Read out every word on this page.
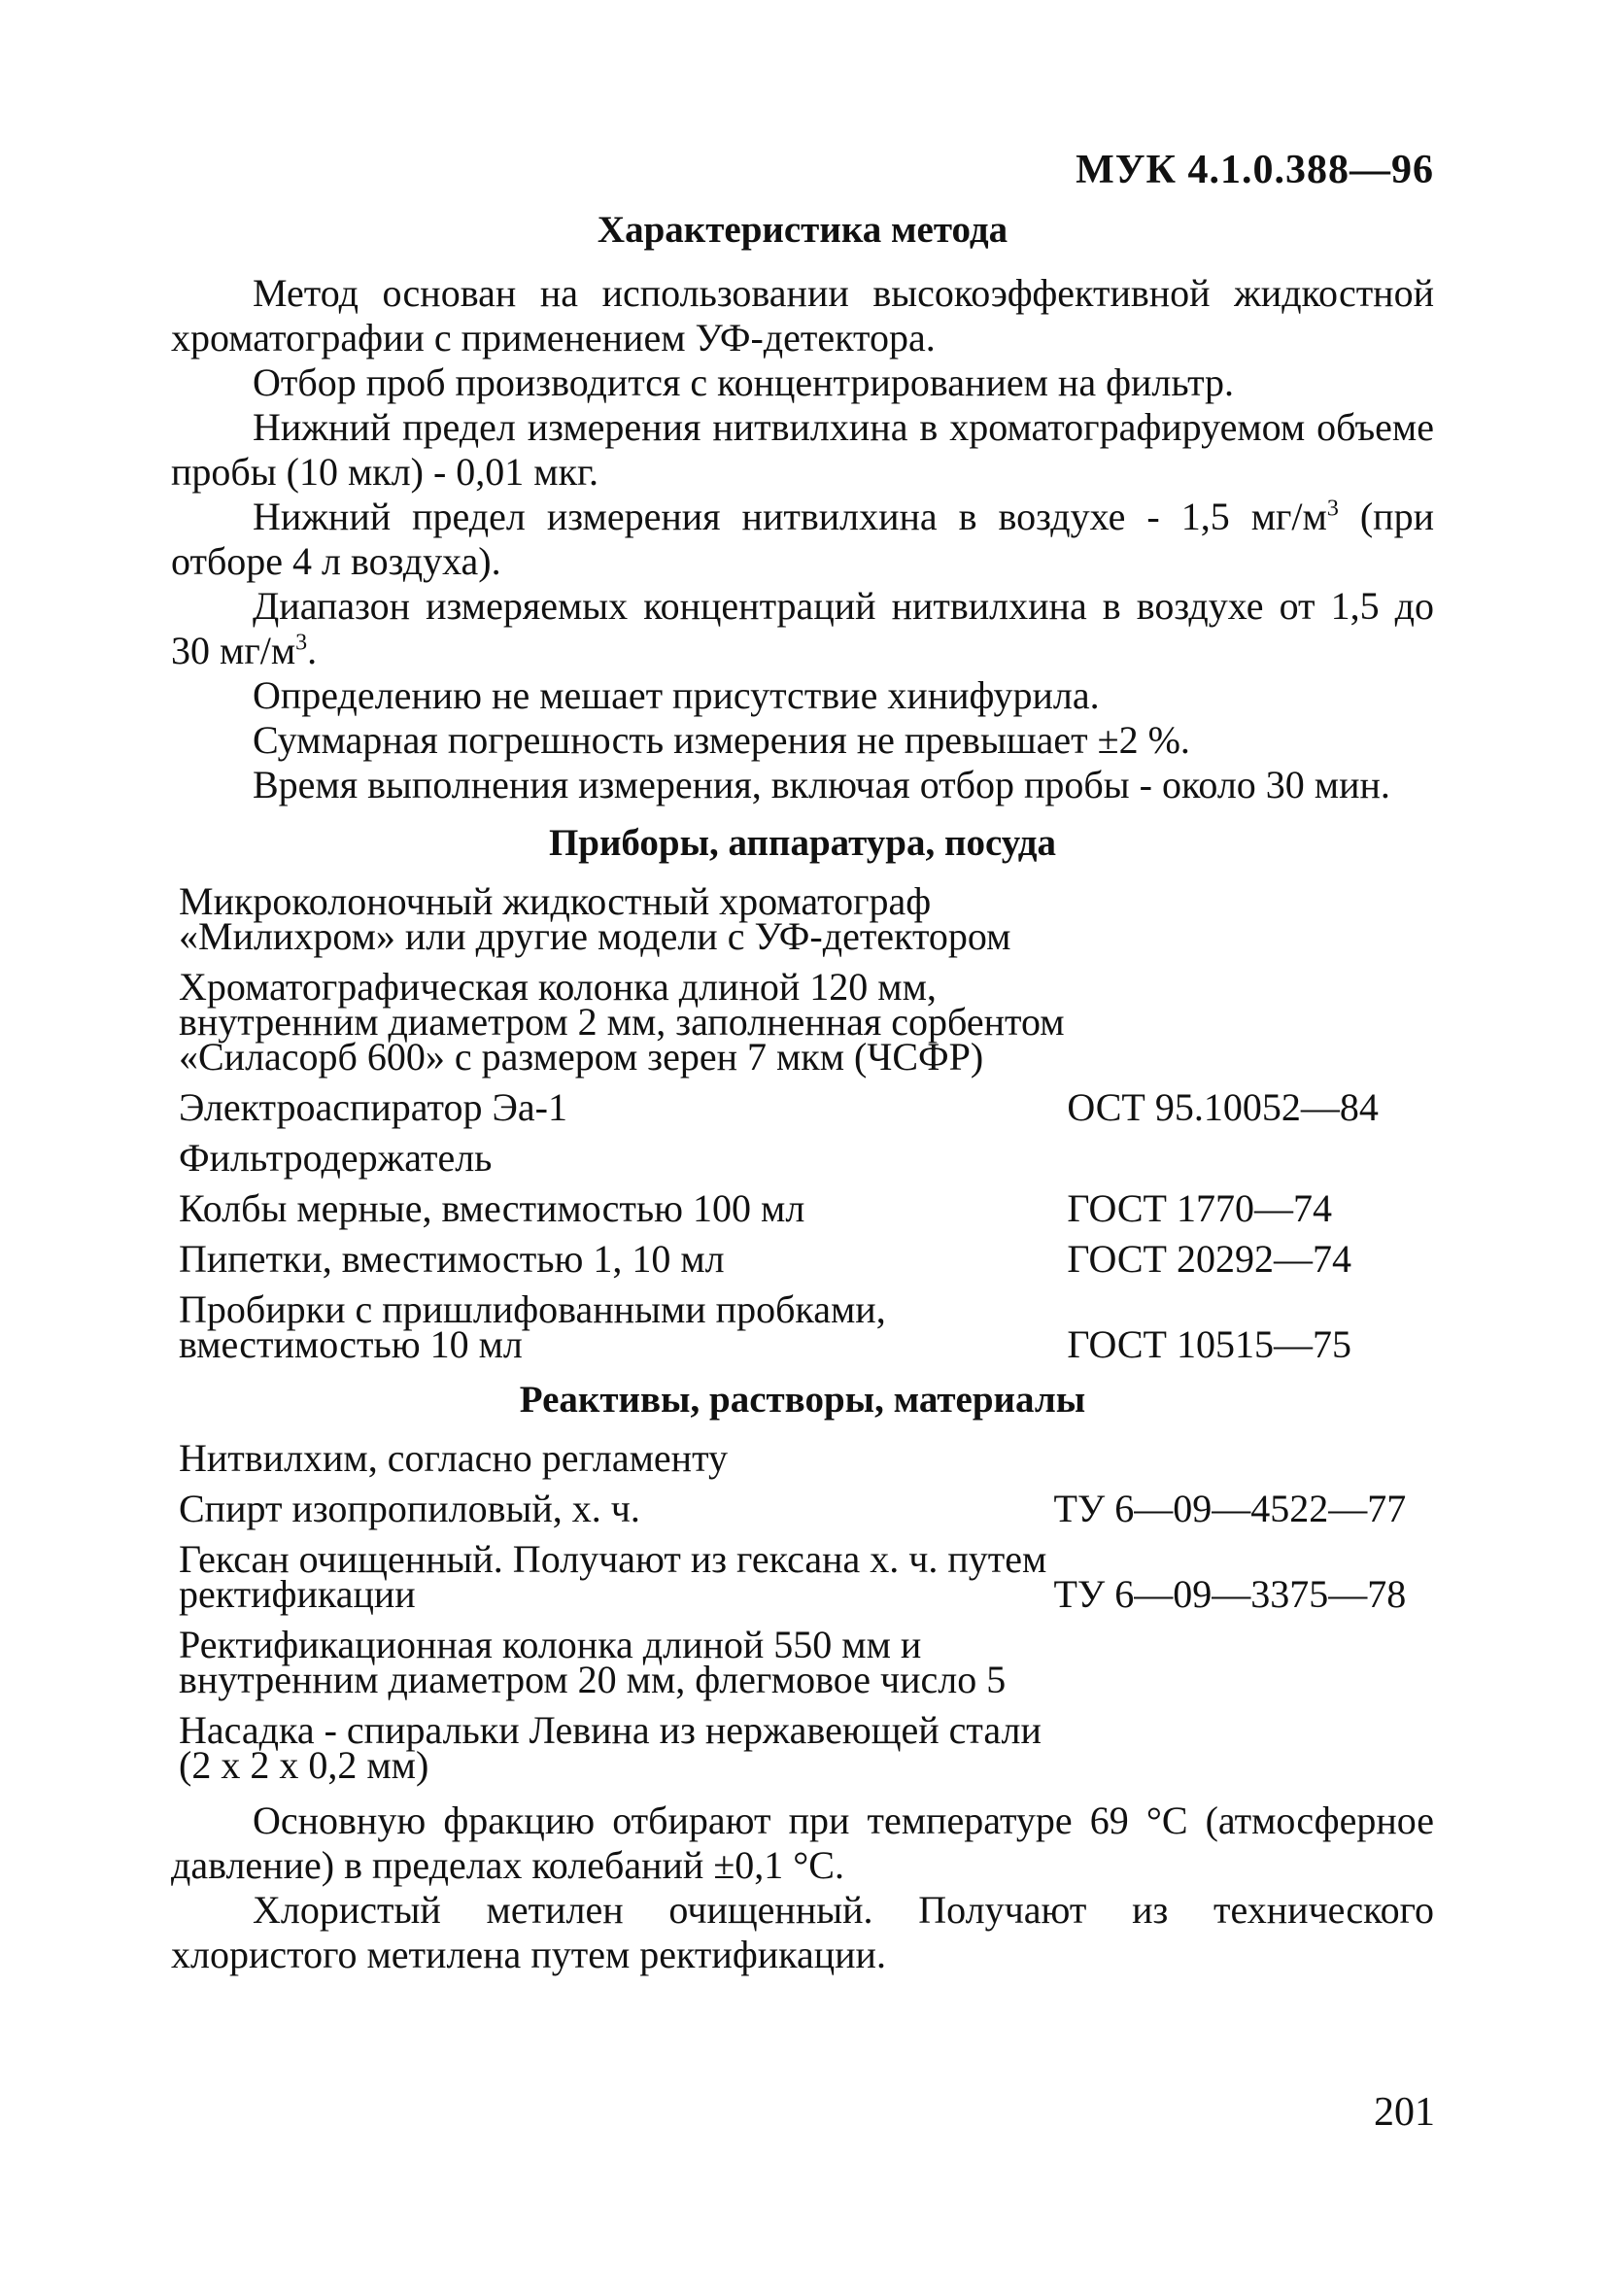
МУК 4.1.0.388—96
Характеристика метода

Метод основан на использовании высокоэффективной жидкостной хроматографии с применением УФ-детектора.

Отбор проб производится с концентрированием на фильтр.

Нижний предел измерения нитвилхина в хроматографируемом объеме пробы (10 мкл) - 0,01 мкг.

Нижний предел измерения нитвилхина в воздухе - 1,5 $мг/м^3$ (при отборе 4 л воздуха).

Диапазон измеряемых концентраций нитвилхина в воздухе от 1,5 до 30 $мг/м^3$.

Определению не мешает присутствие хинифурила.

Суммарная погрешность измерения не превышает ±2 %.

Время выполнения измерения, включая отбор пробы - около 30 мин.

Приборы, аппаратура, посуда
Микроколоночный жидкостный хроматограф «Милихром» или другие модели с УФ-детектором
Хроматографическая колонка длиной 120 мм, внутренним диаметром 2 мм, заполненная сорбентом «Силасорб 600» с размером зерен 7 мкм (ЧСФР)
Электроаспиратор Эа-1	ОСТ 95.10052—84
Фильтродержатель
Колбы мерные, вместимостью 100 мл	ГОСТ 1770—74
Пипетки, вместимостью 1, 10 мл	ГОСТ 20292—74
Пробирки с пришлифованными пробками, вместимостью 10 мл	ГОСТ 10515—75
Реактивы, растворы, материалы
Нитвилхим, согласно регламенту
Спирт изопропиловый, х. ч.	ТУ 6—09—4522—77
Гексан очищенный. Получают из гексана х. ч. путем ректификации	ТУ 6—09—3375—78
Ректификационная колонка длиной 550 мм и внутренним диаметром 20 мм, флегмовое число 5
Насадка - спиральки Левина из нержавеющей стали (2 x 2 x 0,2 мм)

Основную фракцию отбирают при температуре 69 °С (атмосферное давление) в пределах колебаний ±0,1 °С.

Хлористый метилен очищенный. Получают из технического хлористого метилена путем ректификации.

201
